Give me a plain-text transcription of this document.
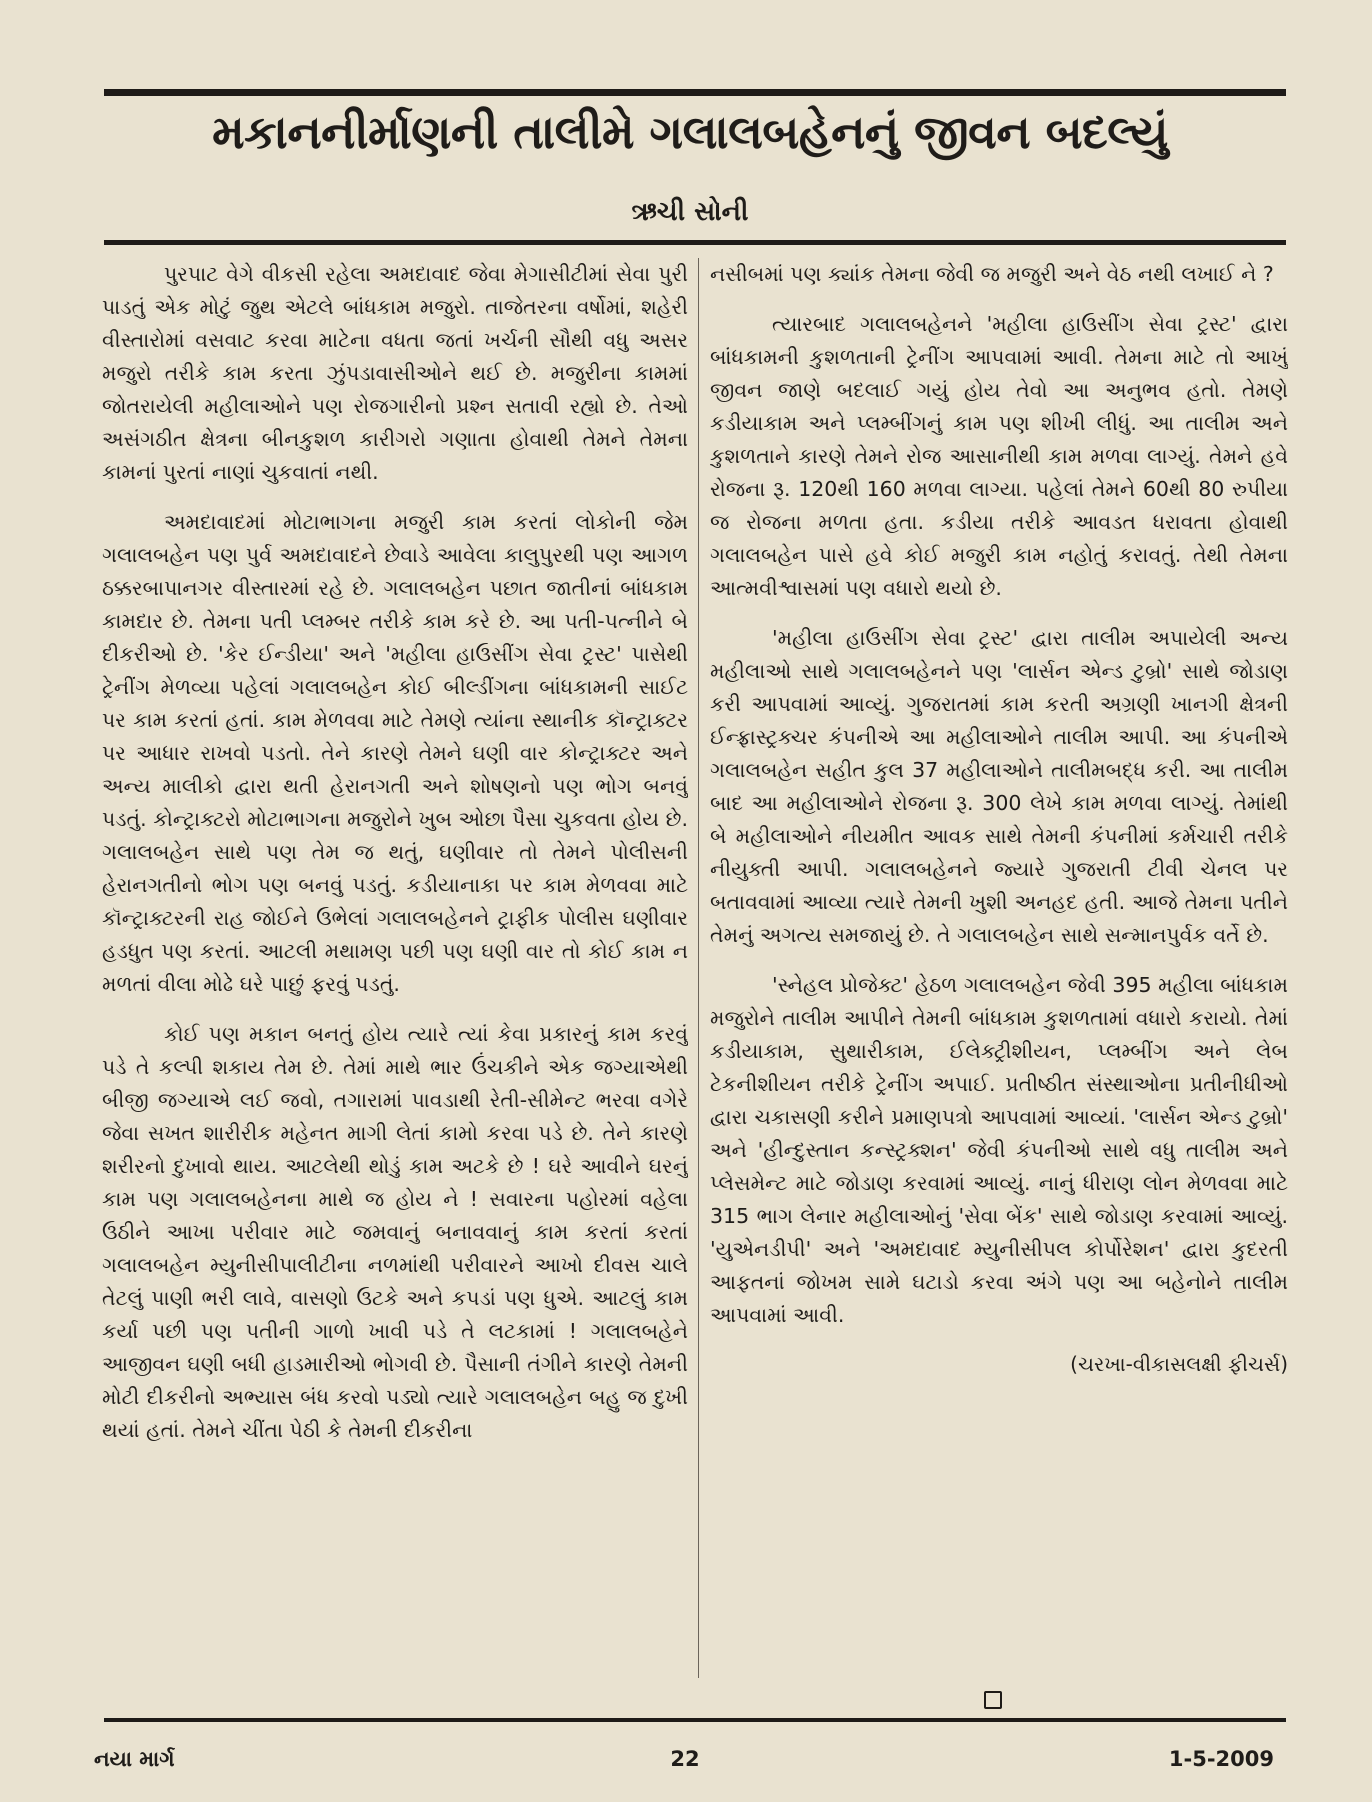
મકાનનીર્માણની તાલીમે ગલાલબહેનનું જીવન બદલ્યું
ઋચી સોની

પુરપાટ વેગે વીકસી રહેલા અમદાવાદ જેવા મેગાસીટીમાં સેવા પુરી પાડતું એક મોટું જુથ એટલે બાંધકામ મજુરો. તાજેતરના વર્ષોમાં, શહેરી વીસ્તારોમાં વસવાટ કરવા માટેના વધતા જતાં ખર્ચની સૌથી વધુ અસર મજુરો તરીકે કામ કરતા ઝુંપડાવાસીઓને થઈ છે. મજુરીના કામમાં જોતરાયેલી મહીલાઓને પણ રોજગારીનો પ્રશ્ન સતાવી રહ્યો છે. તેઓ અસંગઠીત ક્ષેત્રના બીનકુશળ કારીગરો ગણાતા હોવાથી તેમને તેમના કામનાં પુરતાં નાણાં ચુકવાતાં નથી.

અમદાવાદમાં મોટાભાગના મજુરી કામ કરતાં લોકોની જેમ ગલાલબહેન પણ પુર્વ અમદાવાદને છેવાડે આવેલા કાલુપુરથી પણ આગળ ઠક્કરબાપાનગર વીસ્તારમાં રહે છે. ગલાલબહેન પછાત જાતીનાં બાંધકામ કામદાર છે. તેમના પતી પ્લમ્બર તરીકે કામ કરે છે. આ પતી-પત્નીને બે દીકરીઓ છે. 'કેર ઈન્ડીયા' અને 'મહીલા હાઉસીંગ સેવા ટ્રસ્ટ' પાસેથી ટ્રેનીંગ મેળવ્યા પહેલાં ગલાલબહેન કોઈ બીલ્ડીંગના બાંધકામની સાઈટ પર કામ કરતાં હતાં. કામ મેળવવા માટે તેમણે ત્યાંના સ્થાનીક કૉન્ટ્રાક્ટર પર આધાર રાખવો પડતો. તેને કારણે તેમને ઘણી વાર કોન્ટ્રાક્ટર અને અન્ય માલીકો દ્વારા થતી હેરાનગતી અને શોષણનો પણ ભોગ બનવું પડતું. કોન્ટ્રાક્ટરો મોટાભાગના મજુરોને ખુબ ઓછા પૈસા ચુકવતા હોય છે. ગલાલબહેન સાથે પણ તેમ જ થતું, ઘણીવાર તો તેમને પોલીસની હેરાનગતીનો ભોગ પણ બનવું પડતું. કડીયાનાકા પર કામ મેળવવા માટે કૉન્ટ્રાક્ટરની રાહ જોઈને ઉભેલાં ગલાલબહેનને ટ્રાફીક પોલીસ ઘણીવાર હડધુત પણ કરતાં. આટલી મથામણ પછી પણ ઘણી વાર તો કોઈ કામ ન મળતાં વીલા મોઢે ઘરે પાછું ફરવું પડતું.

કોઈ પણ મકાન બનતું હોય ત્યારે ત્યાં કેવા પ્રકારનું કામ કરવું પડે તે કલ્પી શકાય તેમ છે. તેમાં માથે ભાર ઉંચકીને એક જગ્યાએથી બીજી જગ્યાએ લઈ જવો, તગારામાં પાવડાથી રેતી-સીમેન્ટ ભરવા વગેરે જેવા સખત શારીરીક મહેનત માગી લેતાં કામો કરવા પડે છે. તેને કારણે શરીરનો દુખાવો થાય. આટલેથી થોડું કામ અટકે છે ! ઘરે આવીને ઘરનું કામ પણ ગલાલબહેનના માથે જ હોય ને ! સવારના પહોરમાં વહેલા ઉઠીને આખા પરીવાર માટે જમવાનું બનાવવાનું કામ કરતાં કરતાં ગલાલબહેન મ્યુનીસીપાલીટીના નળમાંથી પરીવારને આખો દીવસ ચાલે તેટલું પાણી ભરી લાવે, વાસણો ઉટકે અને કપડાં પણ ધુએ. આટલું કામ કર્યા પછી પણ પતીની ગાળો ખાવી પડે તે લટકામાં ! ગલાલબહેને આજીવન ઘણી બધી હાડમારીઓ ભોગવી છે. પૈસાની તંગીને કારણે તેમની મોટી દીકરીનો અભ્યાસ બંધ કરવો પડ્યો ત્યારે ગલાલબહેન બહુ જ દુખી થયાં હતાં. તેમને ચીંતા પેઠી કે તેમની દીકરીના

નસીબમાં પણ ક્યાંક તેમના જેવી જ મજુરી અને વેઠ નથી લખાઈ ને ?

ત્યારબાદ ગલાલબહેનને 'મહીલા હાઉસીંગ સેવા ટ્રસ્ટ' દ્વારા બાંધકામની કુશળતાની ટ્રેનીંગ આપવામાં આવી. તેમના માટે તો આખું જીવન જાણે બદલાઈ ગયું હોય તેવો આ અનુભવ હતો. તેમણે કડીયાકામ અને પ્લમ્બીંગનું કામ પણ શીખી લીધું. આ તાલીમ અને કુશળતાને કારણે તેમને રોજ આસાનીથી કામ મળવા લાગ્યું. તેમને હવે રોજના રૂ. 120થી 160 મળવા લાગ્યા. પહેલાં તેમને 60થી 80 રુપીયા જ રોજના મળતા હતા. કડીયા તરીકે આવડત ધરાવતા હોવાથી ગલાલબહેન પાસે હવે કોઈ મજુરી કામ નહોતું કરાવતું. તેથી તેમના આત્મવીશ્વાસમાં પણ વધારો થયો છે.

'મહીલા હાઉસીંગ સેવા ટ્રસ્ટ' દ્વારા તાલીમ અપાયેલી અન્ય મહીલાઓ સાથે ગલાલબહેનને પણ 'લાર્સન એન્ડ ટુબ્રો' સાથે જોડાણ કરી આપવામાં આવ્યું. ગુજરાતમાં કામ કરતી અગ્રણી ખાનગી ક્ષેત્રની ઈન્ફ્રાસ્ટ્રક્ચર કંપનીએ આ મહીલાઓને તાલીમ આપી. આ કંપનીએ ગલાલબહેન સહીત કુલ 37 મહીલાઓને તાલીમબદ્ધ કરી. આ તાલીમ બાદ આ મહીલાઓને રોજના રૂ. 300 લેખે કામ મળવા લાગ્યું. તેમાંથી બે મહીલાઓને નીયમીત આવક સાથે તેમની કંપનીમાં કર્મચારી તરીકે નીયુક્તી આપી. ગલાલબહેનને જ્યારે ગુજરાતી ટીવી ચેનલ પર બતાવવામાં આવ્યા ત્યારે તેમની ખુશી અનહદ હતી. આજે તેમના પતીને તેમનું અગત્ય સમજાયું છે. તે ગલાલબહેન સાથે સન્માનપુર્વક વર્તે છે.

'સ્નેહલ પ્રોજેક્ટ' હેઠળ ગલાલબહેન જેવી 395 મહીલા બાંધકામ મજુરોને તાલીમ આપીને તેમની બાંધકામ કુશળતામાં વધારો કરાયો. તેમાં કડીયાકામ, સુથારીકામ, ઈલેક્ટ્રીશીયન, પ્લમ્બીંગ અને લેબ ટેકનીશીયન તરીકે ટ્રેનીંગ અપાઈ. પ્રતીષ્ઠીત સંસ્થાઓના પ્રતીનીધીઓ દ્વારા ચકાસણી કરીને પ્રમાણપત્રો આપવામાં આવ્યાં. 'લાર્સન એન્ડ ટુબ્રો' અને 'હીન્દુસ્તાન કન્સ્ટ્રક્શન' જેવી કંપનીઓ સાથે વધુ તાલીમ અને પ્લેસમેન્ટ માટે જોડાણ કરવામાં આવ્યું. નાનું ધીરાણ લોન મેળવવા માટે 315 ભાગ લેનાર મહીલાઓનું 'સેવા બેંક' સાથે જોડાણ કરવામાં આવ્યું. 'યુએનડીપી' અને 'અમદાવાદ મ્યુનીસીપલ કોર્પોરેશન' દ્વારા કુદરતી આફતનાં જોખમ સામે ઘટાડો કરવા અંગે પણ આ બહેનોને તાલીમ આપવામાં આવી.

(ચરખા-વીકાસલક્ષી ફીચર્સ)

નયા માર્ગ	22	1-5-2009
